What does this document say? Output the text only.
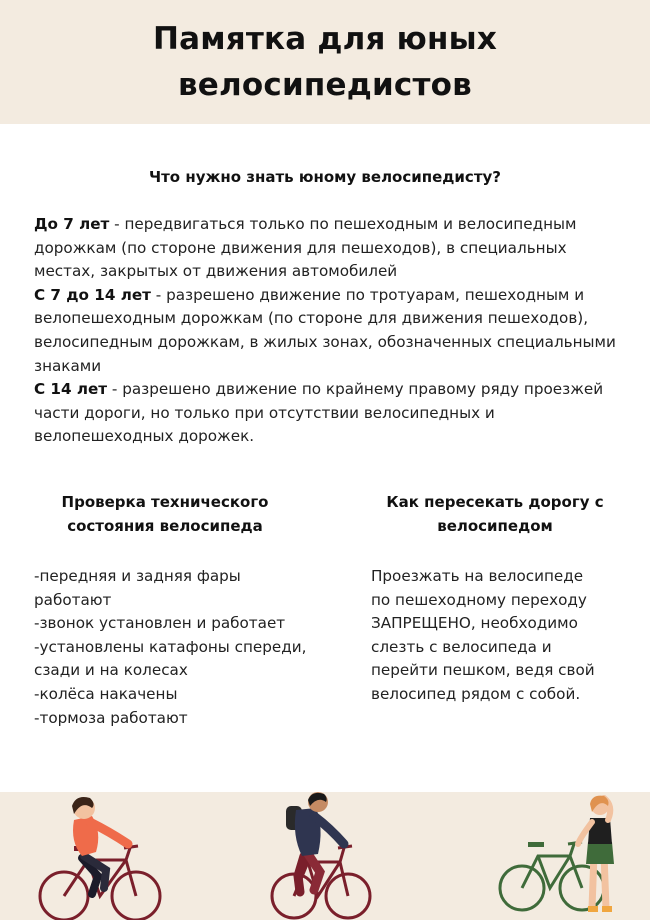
Памятка для юных
велосипедистов
Что нужно знать юному велосипедисту?

До 7 лет - передвигаться только по пешеходным и велосипедным дорожкам (по стороне движения для пешеходов), в специальных местах, закрытых от движения автомобилей

С 7 до 14 лет - разрешено движение по тротуарам, пешеходным и велопешеходным дорожкам (по стороне для движения пешеходов), велосипедным дорожкам, в жилых зонах, обозначенных специальными знаками

С 14 лет - разрешено движение по крайнему правому ряду проезжей части дороги, но только при отсутствии велосипедных и велопешеходных дорожек.

Проверка технического
состояния велосипеда
-передняя и задняя фары
работают
-звонок установлен и работает
-установлены катафоны спереди,
сзади и на колесах
-колёса накачены
-тормоза работают
Как пересекать дорогу с
велосипедом
Проезжать на велосипеде
по пешеходному переходу
ЗАПРЕЩЕНО, необходимо
слезть с велосипеда и
перейти пешком, ведя свой
велосипед рядом с собой.
